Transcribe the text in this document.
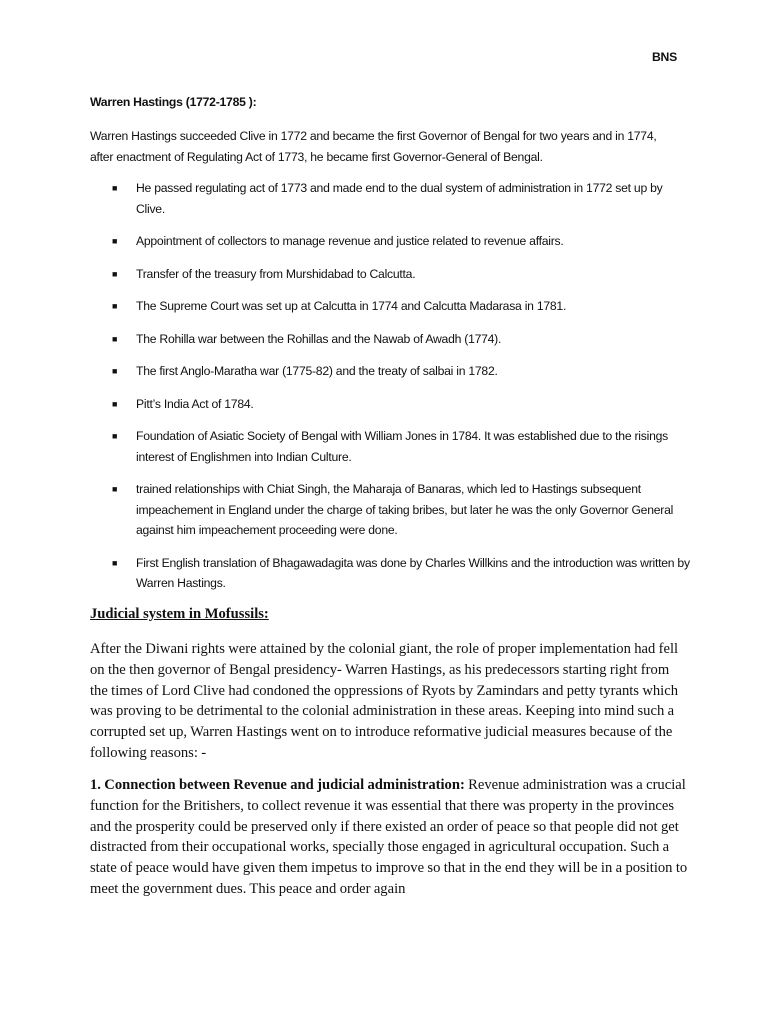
BNS
Warren Hastings (1772-1785 ):
Warren Hastings succeeded Clive in 1772 and became the first Governor of Bengal for two years and in 1774, after enactment of Regulating Act of 1773, he became first Governor-General of Bengal.
■ He passed regulating act of 1773 and made end to the dual system of administration in 1772 set up by Clive.
■ Appointment of collectors to manage revenue and justice related to revenue affairs.
■ Transfer of the treasury from Murshidabad to Calcutta.
■ The Supreme Court was set up at Calcutta in 1774 and Calcutta Madarasa in 1781.
■ The Rohilla war between the Rohillas and the Nawab of Awadh (1774).
■ The first Anglo-Maratha war (1775-82) and the treaty of salbai in 1782.
■ Pitt’s India Act of 1784.
■ Foundation of Asiatic Society of Bengal with William Jones in 1784. It was established due to the risings interest of Englishmen into Indian Culture.
■ trained relationships with Chiat Singh, the Maharaja of Banaras, which led to Hastings subsequent impeachement in England under the charge of taking bribes, but later he was the only Governor General against him impeachement proceeding were done.
■ First English translation of Bhagawadagita was done by Charles Willkins and the introduction was written by Warren Hastings.
Judicial system in Mofussils:
After the Diwani rights were attained by the colonial giant, the role of proper implementation had fell on the then governor of Bengal presidency- Warren Hastings, as his predecessors starting right from the times of Lord Clive had condoned the oppressions of Ryots by Zamindars and petty tyrants which was proving to be detrimental to the colonial administration in these areas. Keeping into mind such a corrupted set up, Warren Hastings went on to introduce reformative judicial measures because of the following reasons: -
1. Connection between Revenue and judicial administration: Revenue administration was a crucial function for the Britishers, to collect revenue it was essential that there was property in the provinces and the prosperity could be preserved only if there existed an order of peace so that people did not get distracted from their occupational works, specially those engaged in agricultural occupation. Such a state of peace would have given them impetus to improve so that in the end they will be in a position to meet the government dues. This peace and order again
